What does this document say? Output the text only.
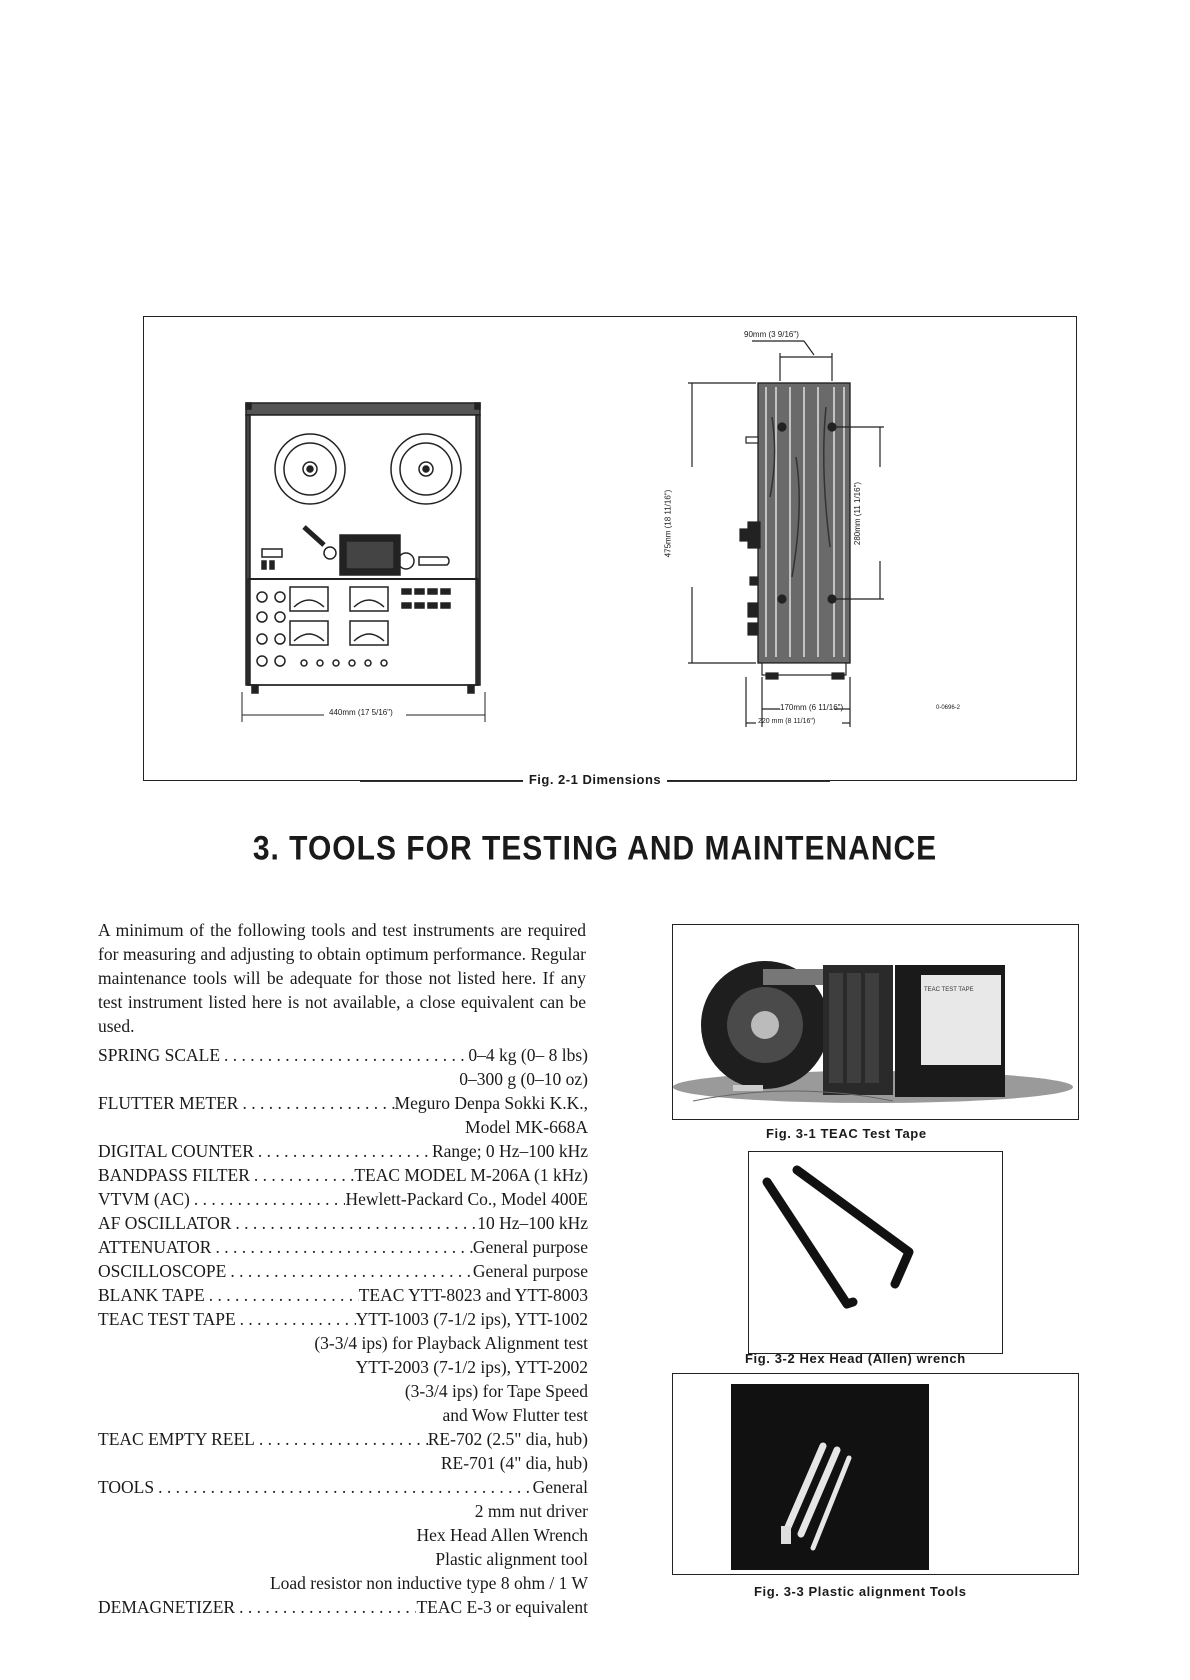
440mm (17 5/16")
90mm (3 9/16")
475mm (18 11/16")	280mm (11 1/16")
170mm (6 11/16")
220 mm (8 11/16")
0-0696-2
Fig. 2-1 Dimensions
3. TOOLS FOR TESTING AND MAINTENANCE
A minimum of the following tools and test instruments are required for measuring and adjusting to obtain optimum performance. Regular maintenance tools will be adequate for those not listed here. If any test instrument listed here is not available, a close equivalent can be used.
SPRING SCALE . . .	0–4 kg (0– 8 lbs)
0–300 g (0–10 oz)
FLUTTER METER . . .	Meguro Denpa Sokki K.K.,
Model MK-668A
DIGITAL COUNTER . . .	Range; 0 Hz–100 kHz
BANDPASS FILTER . . .	TEAC MODEL M-206A (1 kHz)
VTVM (AC) . . .	Hewlett-Packard Co., Model 400E
AF OSCILLATOR . . .	10 Hz–100 kHz
ATTENUATOR . . .	General purpose
OSCILLOSCOPE . . .	General purpose
BLANK TAPE . . .	TEAC YTT-8023 and YTT-8003
TEAC TEST TAPE . . .	YTT-1003 (7-1/2 ips), YTT-1002
(3-3/4 ips) for Playback Alignment test
YTT-2003 (7-1/2 ips), YTT-2002
(3-3/4 ips) for Tape Speed
and Wow Flutter test
TEAC EMPTY REEL . . .	RE-702 (2.5" dia, hub)
RE-701 (4" dia, hub)
TOOLS . . .	General
2 mm nut driver
Hex Head Allen Wrench
Plastic alignment tool
Load resistor non inductive type 8 ohm / 1 W
DEMAGNETIZER . . .	TEAC E-3 or equivalent
TEAC TEST TAPE
Fig. 3-1 TEAC Test Tape
Fig. 3-2 Hex Head (Allen) wrench
Fig. 3-3 Plastic alignment Tools
